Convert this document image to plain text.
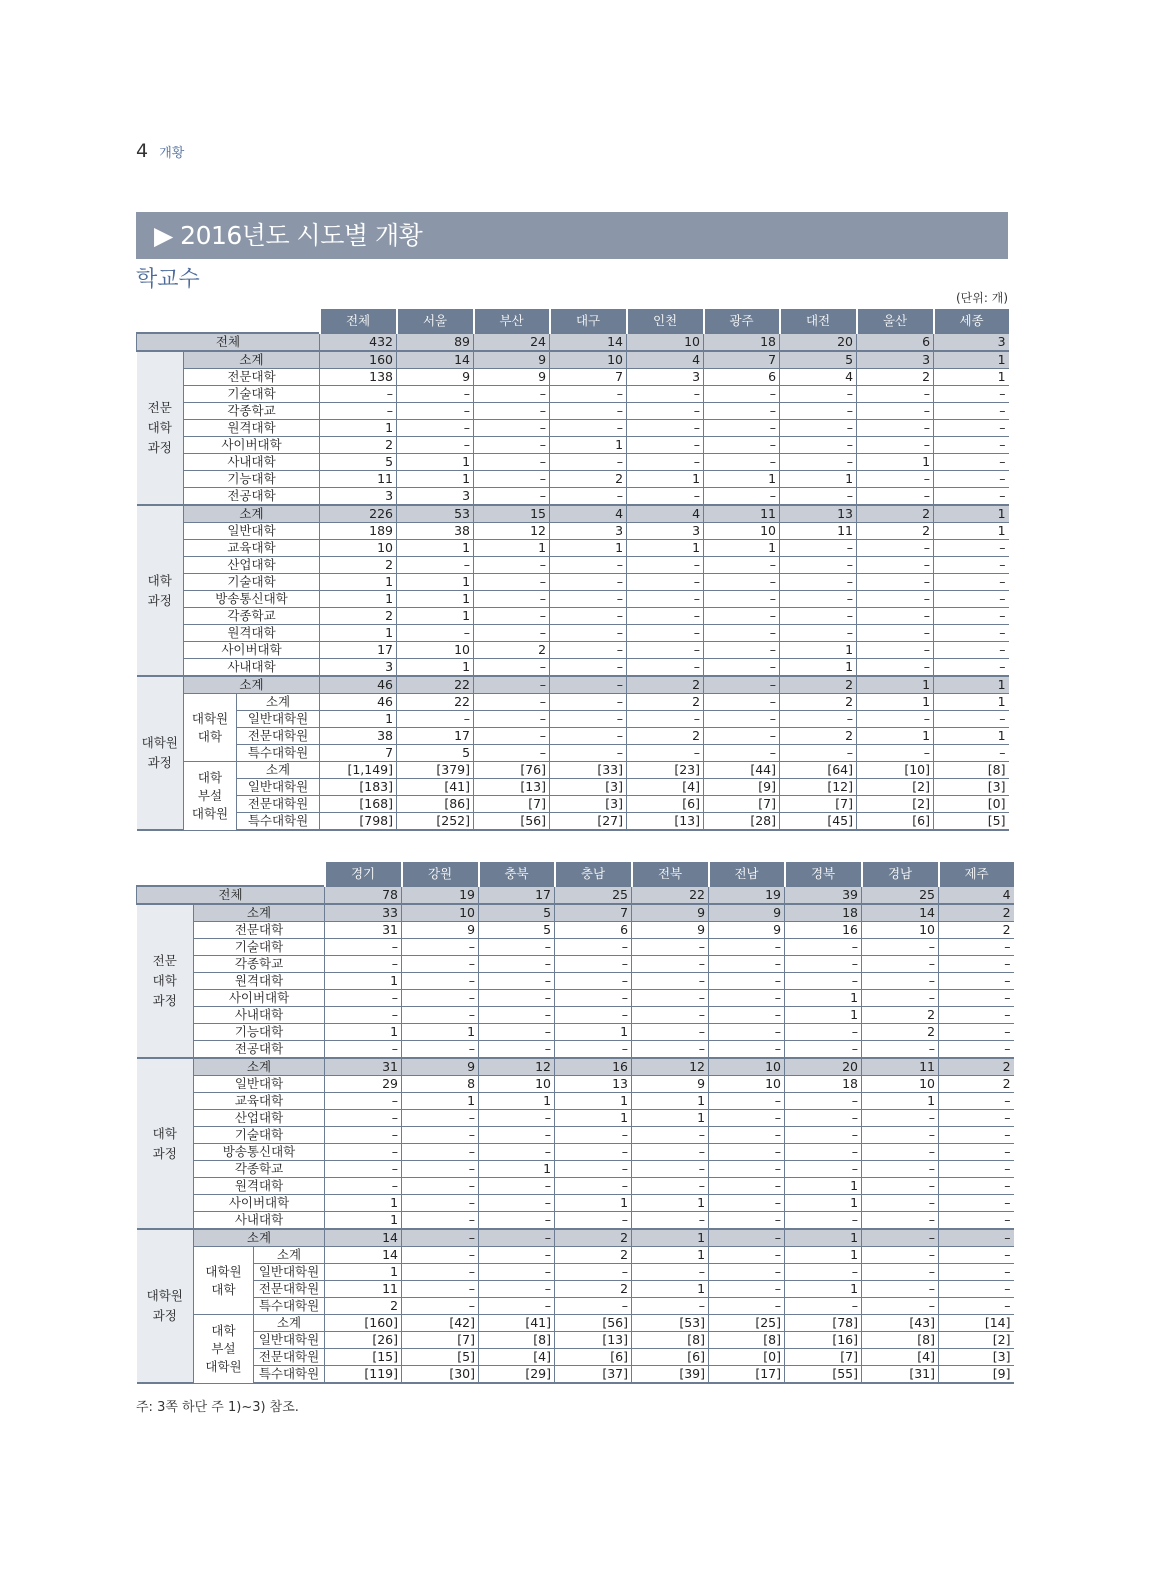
4 개황
▶ 2016년도 시도별 개황
학교수
(단위: 개)
			전체	서울	부산	대구	인천	광주	대전	울산	세종
전체			432	89	24	14	10	18	20	6	3
전문
대학
과정	소계		160	14	9	10	4	7	5	3	1
	전문대학		138	9	9	7	3	6	4	2	1
	기술대학		–	–	–	–	–	–	–	–	–
	각종학교		–	–	–	–	–	–	–	–	–
	원격대학		1	–	–	–	–	–	–	–	–
	사이버대학		2	–	–	1	–	–	–	–	–
	사내대학		5	1	–	–	–	–	–	1	–
	기능대학		11	1	–	2	1	1	1	–	–
	전공대학		3	3	–	–	–	–	–	–	–
대학
과정	소계		226	53	15	4	4	11	13	2	1
	일반대학		189	38	12	3	3	10	11	2	1
	교육대학		10	1	1	1	1	1	–	–	–
	산업대학		2	–	–	–	–	–	–	–	–
	기술대학		1	1	–	–	–	–	–	–	–
	방송통신대학		1	1	–	–	–	–	–	–	–
	각종학교		2	1	–	–	–	–	–	–	–
	원격대학		1	–	–	–	–	–	–	–	–
	사이버대학		17	10	2	–	–	–	1	–	–
	사내대학		3	1	–	–	–	–	1	–	–
대학원
과정	소계		46	22	–	–	2	–	2	1	1
	대학원
대학	소계	46	22	–	–	2	–	2	1	1
		일반대학원	1	–	–	–	–	–	–	–	–
		전문대학원	38	17	–	–	2	–	2	1	1
		특수대학원	7	5	–	–	–	–	–	–	–
	대학
부설
대학원	소계	[1,149]	[379]	[76]	[33]	[23]	[44]	[64]	[10]	[8]
		일반대학원	[183]	[41]	[13]	[3]	[4]	[9]	[12]	[2]	[3]
		전문대학원	[168]	[86]	[7]	[3]	[6]	[7]	[7]	[2]	[0]
		특수대학원	[798]	[252]	[56]	[27]	[13]	[28]	[45]	[6]	[5]
			경기	강원	충북	충남	전북	전남	경북	경남	제주
전체			78	19	17	25	22	19	39	25	4
전문
대학
과정	소계		33	10	5	7	9	9	18	14	2
	전문대학		31	9	5	6	9	9	16	10	2
	기술대학		–	–	–	–	–	–	–	–	–
	각종학교		–	–	–	–	–	–	–	–	–
	원격대학		1	–	–	–	–	–	–	–	–
	사이버대학		–	–	–	–	–	–	1	–	–
	사내대학		–	–	–	–	–	–	1	2	–
	기능대학		1	1	–	1	–	–	–	2	–
	전공대학		–	–	–	–	–	–	–	–	–
대학
과정	소계		31	9	12	16	12	10	20	11	2
	일반대학		29	8	10	13	9	10	18	10	2
	교육대학		–	1	1	1	1	–	–	1	–
	산업대학		–	–	–	1	1	–	–	–	–
	기술대학		–	–	–	–	–	–	–	–	–
	방송통신대학		–	–	–	–	–	–	–	–	–
	각종학교		–	–	1	–	–	–	–	–	–
	원격대학		–	–	–	–	–	–	1	–	–
	사이버대학		1	–	–	1	1	–	1	–	–
	사내대학		1	–	–	–	–	–	–	–	–
대학원
과정	소계		14	–	–	2	1	–	1	–	–
	대학원
대학	소계	14	–	–	2	1	–	1	–	–
		일반대학원	1	–	–	–	–	–	–	–	–
		전문대학원	11	–	–	2	1	–	1	–	–
		특수대학원	2	–	–	–	–	–	–	–	–
	대학
부설
대학원	소계	[160]	[42]	[41]	[56]	[53]	[25]	[78]	[43]	[14]
		일반대학원	[26]	[7]	[8]	[13]	[8]	[8]	[16]	[8]	[2]
		전문대학원	[15]	[5]	[4]	[6]	[6]	[0]	[7]	[4]	[3]
		특수대학원	[119]	[30]	[29]	[37]	[39]	[17]	[55]	[31]	[9]
주: 3쪽 하단 주 1)~3) 참조.
